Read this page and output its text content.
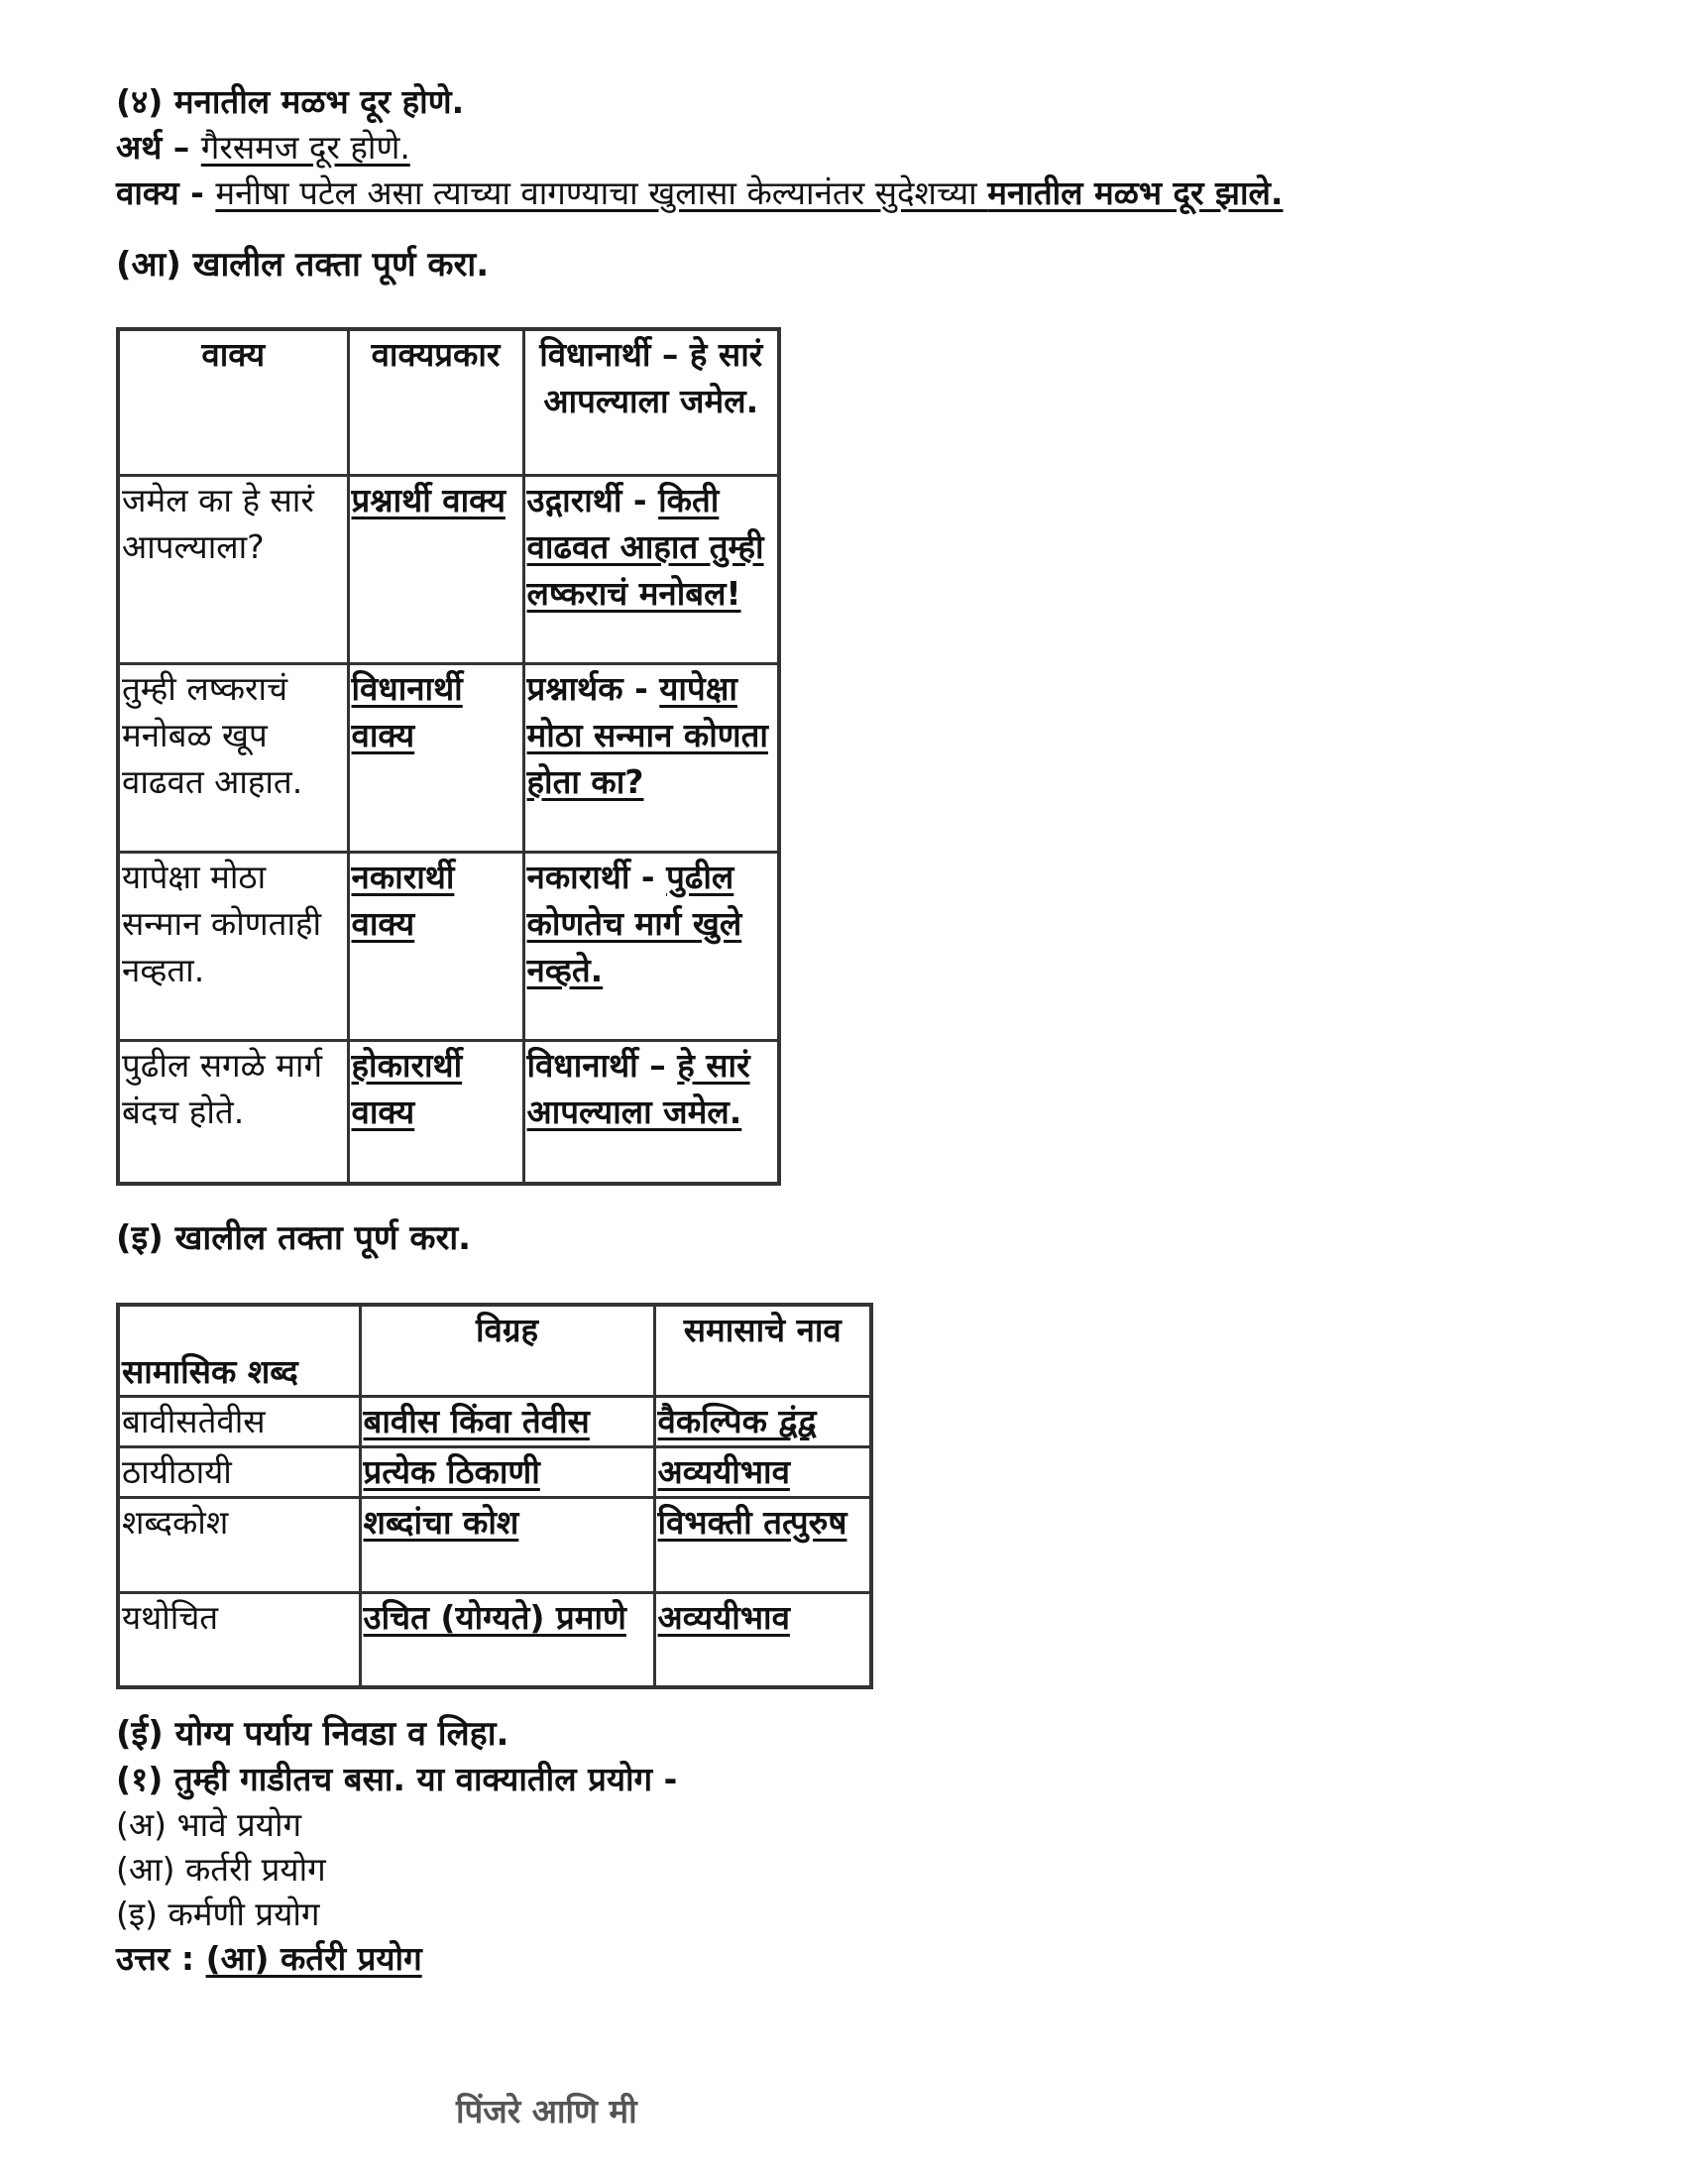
(४) मनातील मळभ दूर होणे.
अर्थ – गैरसमज दूर होणे.
वाक्य - मनीषा पटेल असा त्याच्या वागण्याचा खुलासा केल्यानंतर सुदेशच्या मनातील मळभ दूर झाले.
(आ) खालील तक्ता पूर्ण करा.
वाक्य	वाक्यप्रकार	विधानार्थी – हे सारं आपल्याला जमेल.
जमेल का हे सारं आपल्याला?	प्रश्नार्थी वाक्य	उद्गारार्थी - किती वाढवत आहात तुम्ही लष्कराचं मनोबल!
तुम्ही लष्कराचं मनोबळ खूप वाढवत आहात.	विधानार्थी वाक्य	प्रश्नार्थक - यापेक्षा मोठा सन्मान कोणता होता का?
यापेक्षा मोठा सन्मान कोणताही नव्हता.	नकारार्थी वाक्य	नकारार्थी - पुढील कोणतेच मार्ग खुले नव्हते.
पुढील सगळे मार्ग बंदच होते.	होकारार्थी वाक्य	विधानार्थी – हे सारं आपल्याला जमेल.
(इ) खालील तक्ता पूर्ण करा.
सामासिक शब्द	विग्रह	समासाचे नाव
बावीसतेवीस	बावीस किंवा तेवीस	वैकल्पिक द्वंद्व
ठायीठायी	प्रत्येक ठिकाणी	अव्ययीभाव
शब्दकोश	शब्दांचा कोश	विभक्ती तत्पुरुष
यथोचित	उचित (योग्यते) प्रमाणे	अव्ययीभाव
(ई) योग्य पर्याय निवडा व लिहा.
(१) तुम्ही गाडीतच बसा. या वाक्यातील प्रयोग -
(अ) भावे प्रयोग
(आ) कर्तरी प्रयोग
(इ) कर्मणी प्रयोग
उत्तर : (आ) कर्तरी प्रयोग
पिंजरे आणि मी
